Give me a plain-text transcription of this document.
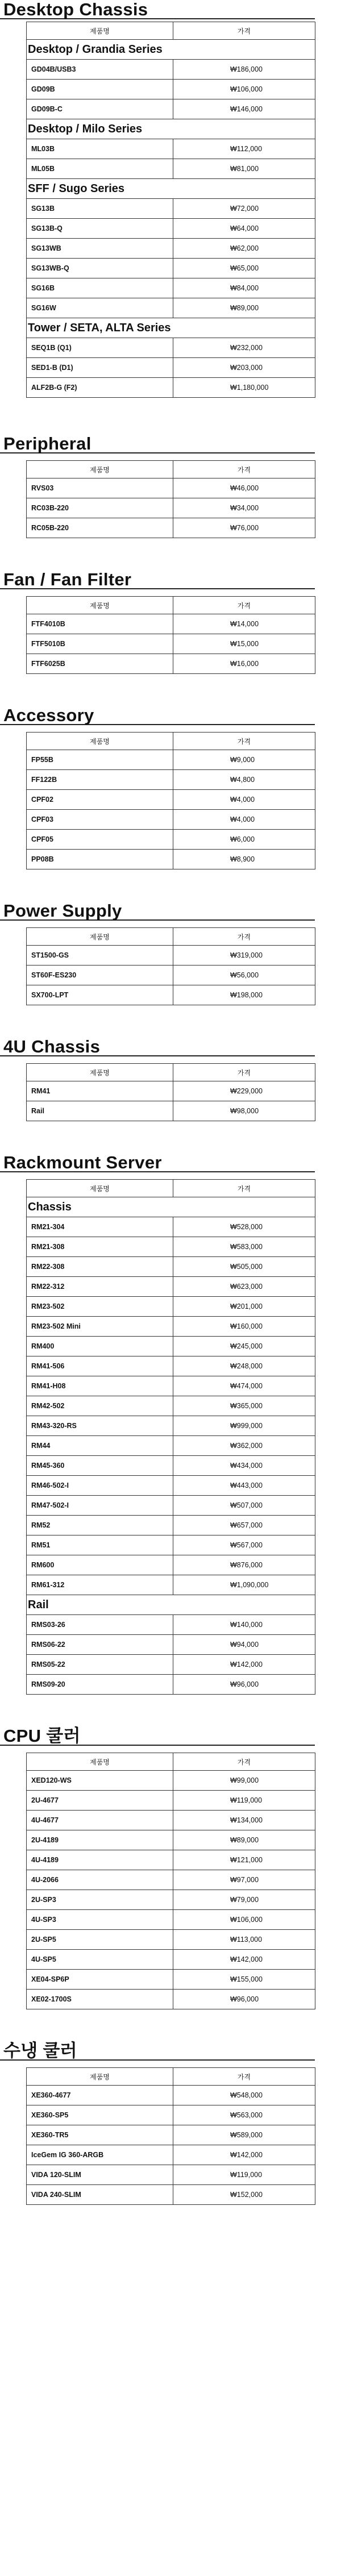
Desktop Chassis
제품명	가격
Desktop / Grandia Series	
GD04B/USB3	₩186,000
GD09B	₩106,000
GD09B-C	₩146,000
Desktop / Milo Series	
ML03B	₩112,000
ML05B	₩81,000
SFF / Sugo Series	
SG13B	₩72,000
SG13B-Q	₩64,000
SG13WB	₩62,000
SG13WB-Q	₩65,000
SG16B	₩84,000
SG16W	₩89,000
Tower / SETA, ALTA Series	
SEQ1B (Q1)	₩232,000
SED1-B (D1)	₩203,000
ALF2B-G (F2)	₩1,180,000
Peripheral
제품명	가격
RVS03	₩46,000
RC03B-220	₩34,000
RC05B-220	₩76,000
Fan / Fan Filter
제품명	가격
FTF4010B	₩14,000
FTF5010B	₩15,000
FTF6025B	₩16,000
Accessory
제품명	가격
FP55B	₩9,000
FF122B	₩4,800
CPF02	₩4,000
CPF03	₩4,000
CPF05	₩6,000
PP08B	₩8,900
Power Supply
제품명	가격
ST1500-GS	₩319,000
ST60F-ES230	₩56,000
SX700-LPT	₩198,000
4U Chassis
제품명	가격
RM41	₩229,000
Rail	₩98,000
Rackmount Server
제품명	가격
Chassis	
RM21-304	₩528,000
RM21-308	₩583,000
RM22-308	₩505,000
RM22-312	₩623,000
RM23-502	₩201,000
RM23-502 Mini	₩160,000
RM400	₩245,000
RM41-506	₩248,000
RM41-H08	₩474,000
RM42-502	₩365,000
RM43-320-RS	₩999,000
RM44	₩362,000
RM45-360	₩434,000
RM46-502-I	₩443,000
RM47-502-I	₩507,000
RM52	₩657,000
RM51	₩567,000
RM600	₩876,000
RM61-312	₩1,090,000
Rail	
RMS03-26	₩140,000
RMS06-22	₩94,000
RMS05-22	₩142,000
RMS09-20	₩96,000
CPU 쿨러
제품명	가격
XED120-WS	₩99,000
2U-4677	₩119,000
4U-4677	₩134,000
2U-4189	₩89,000
4U-4189	₩121,000
4U-2066	₩97,000
2U-SP3	₩79,000
4U-SP3	₩106,000
2U-SP5	₩113,000
4U-SP5	₩142,000
XE04-SP6P	₩155,000
XE02-1700S	₩96,000
수냉 쿨러
제품명	가격
XE360-4677	₩548,000
XE360-SP5	₩563,000
XE360-TR5	₩589,000
IceGem IG 360-ARGB	₩142,000
VIDA 120-SLIM	₩119,000
VIDA 240-SLIM	₩152,000
